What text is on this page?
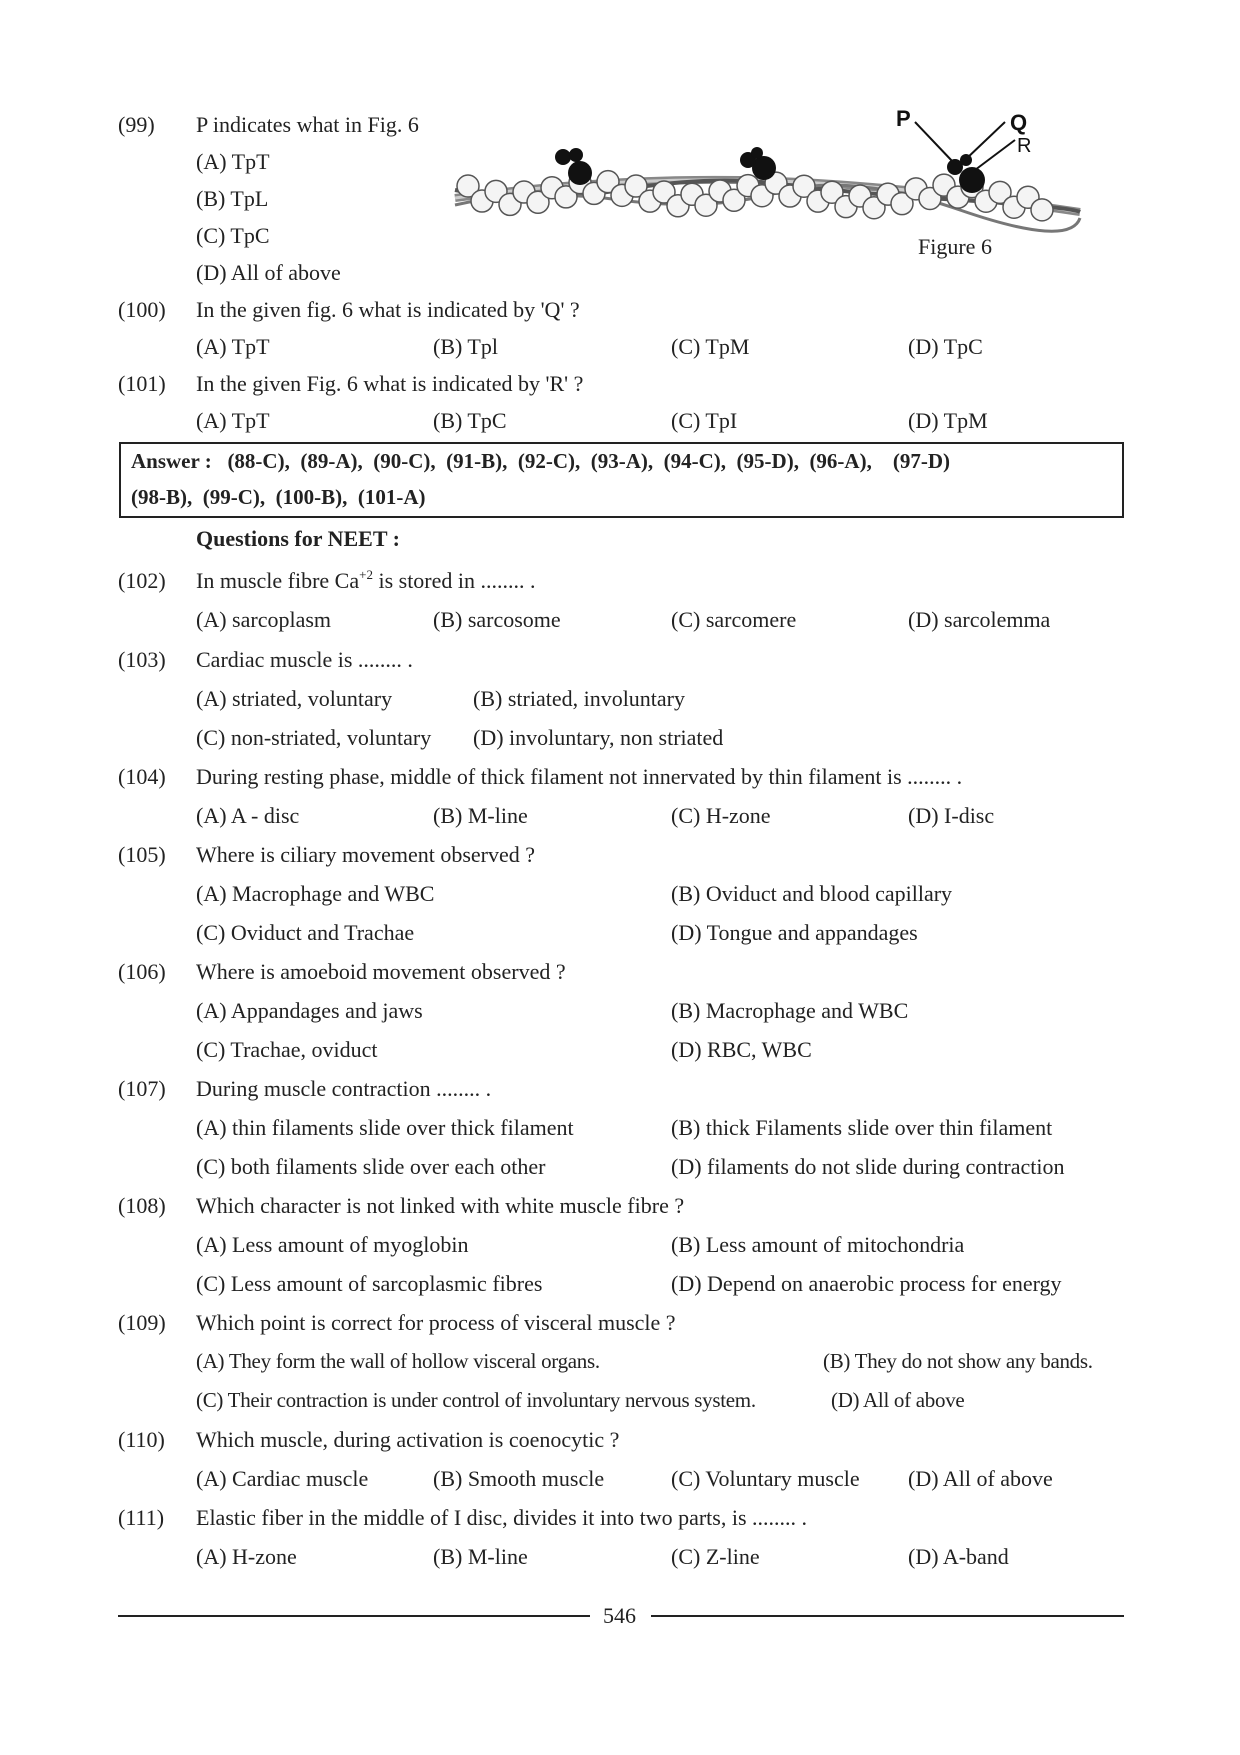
P	Q
R
Figure 6
(99) P indicates what in Fig. 6
(A) TpT
(B) TpL
(C) TpC
(D) All of above
(100) In the given fig. 6 what is indicated by 'Q' ?
(A) TpT	(B) Tpl	(C) TpM	(D) TpC
(101) In the given Fig. 6 what is indicated by 'R' ?
(A) TpT	(B) TpC	(C) TpI	(D) TpM
Answer :   (88-C),  (89-A),  (90-C),  (91-B),  (92-C),  (93-A),  (94-C),  (95-D),  (96-A),    (97-D)
(98-B),  (99-C),  (100-B),  (101-A)
Questions for NEET :
(102) In muscle fibre $Ca^{+2}$ is stored in ........ .
(A) sarcoplasm	(B) sarcosome	(C) sarcomere	(D) sarcolemma
(103) Cardiac muscle is ........ .
(A) striated, voluntary	(B) striated, involuntary
(C) non-striated, voluntary (D) involuntary, non striated
(104) During resting phase, middle of thick filament not innervated by thin filament is ........ .
(A) A - disc	(B) M-line	(C) H-zone	(D) I-disc
(105) Where is ciliary movement observed ?
(A) Macrophage and WBC	(B) Oviduct and blood capillary
(C) Oviduct and Trachae	(D) Tongue and appandages
(106) Where is amoeboid movement observed ?
(A) Appandages and jaws	(B) Macrophage and WBC
(C) Trachae, oviduct	(D) RBC, WBC
(107) During muscle contraction ........ .
(A) thin filaments slide over thick filament	(B) thick Filaments slide over thin filament
(C) both filaments slide over each other	(D) filaments do not slide during contraction
(108) Which character is not linked with white muscle fibre ?
(A) Less amount of myoglobin	(B) Less amount of mitochondria
(C) Less amount of sarcoplasmic fibres	(D) Depend on anaerobic process for energy
(109) Which point is correct for process of visceral muscle ?
(A) They form the wall of hollow visceral organs.	(B) They do not show any bands.
(C) Their contraction is under control of involuntary nervous system.	(D) All of above
(110) Which muscle, during activation is coenocytic ?
(A) Cardiac muscle	(B) Smooth muscle	(C) Voluntary muscle (D) All of above
(111) Elastic fiber in the middle of I disc, divides it into two parts, is ........ .
(A) H-zone	(B) M-line	(C) Z-line	(D) A-band
546
